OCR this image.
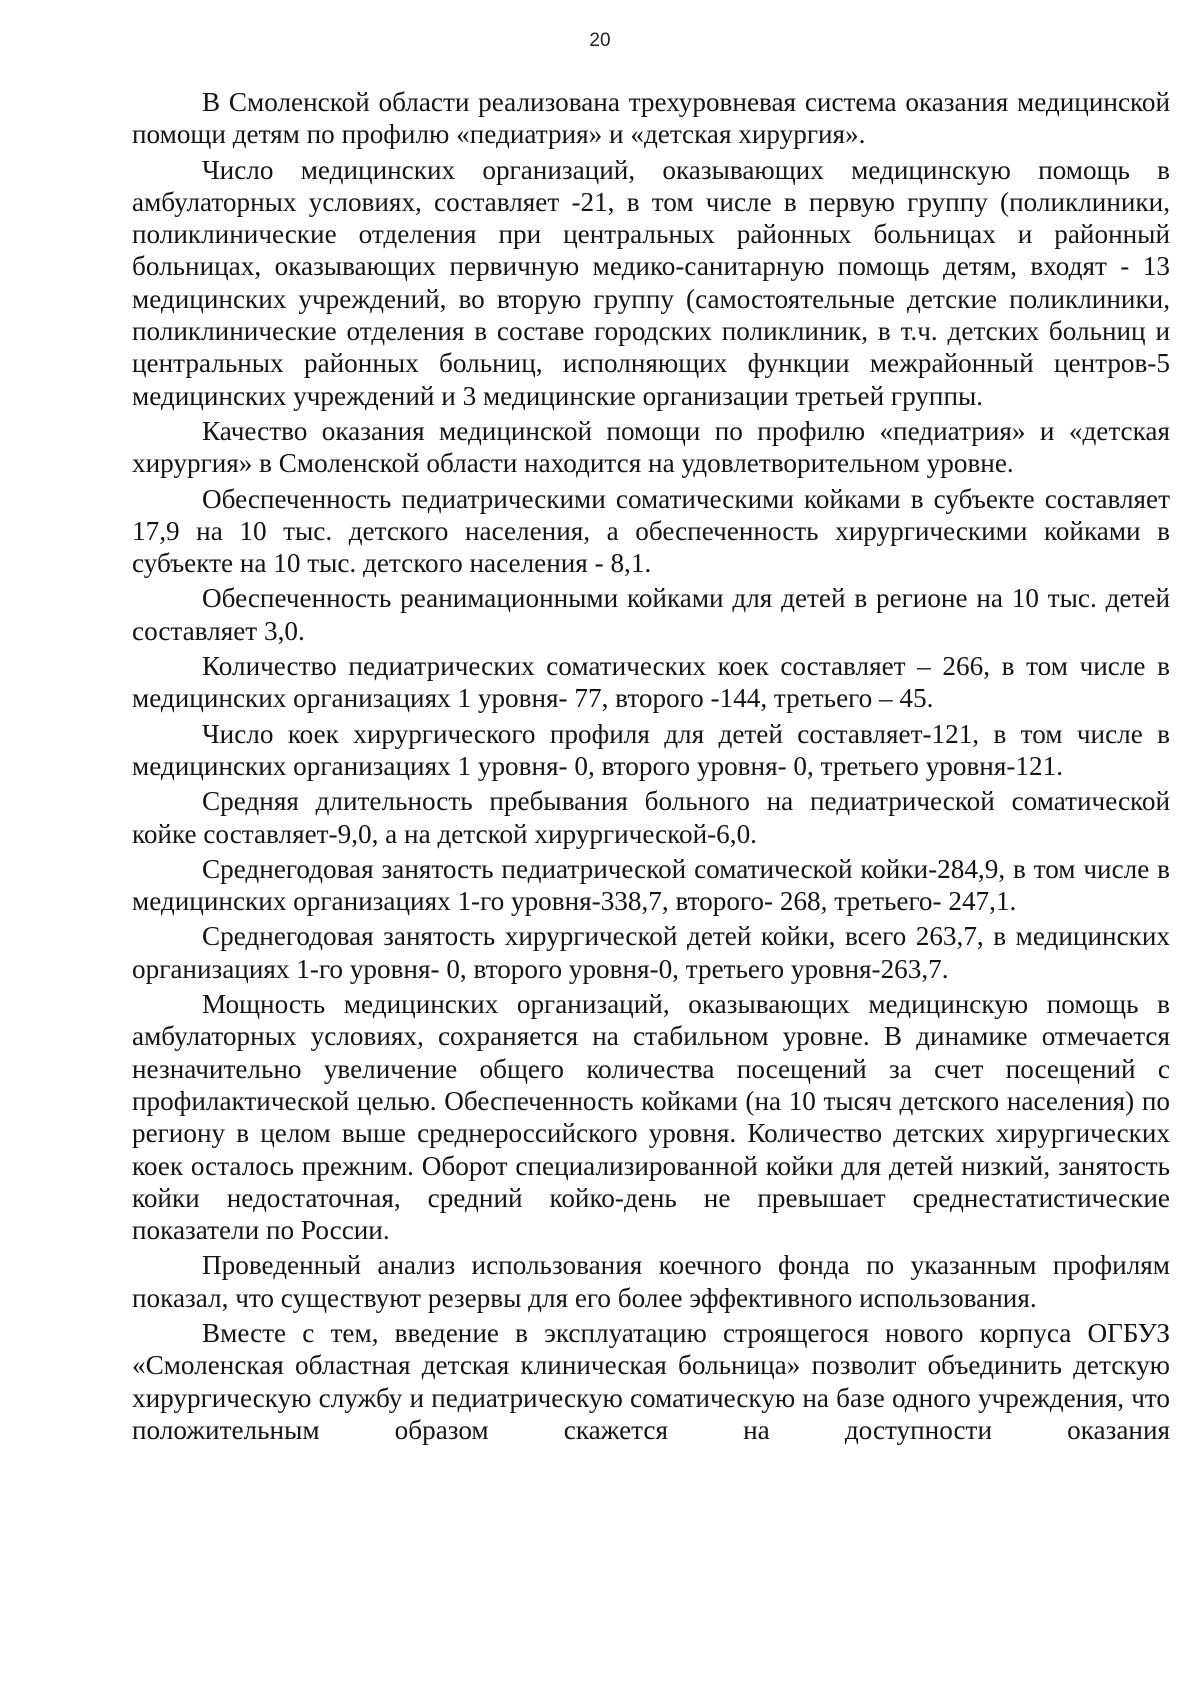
20

В Смоленской области реализована трехуровневая система оказания медицинской помощи детям по профилю «педиатрия» и «детская хирургия».

Число медицинских организаций, оказывающих медицинскую помощь в амбулаторных условиях, составляет -21, в том числе в первую группу (поликлиники, поликлинические отделения при центральных районных больницах и районный больницах, оказывающих первичную медико-санитарную помощь детям, входят - 13 медицинских учреждений, во вторую группу (самостоятельные детские поликлиники, поликлинические отделения в составе городских поликлиник, в т.ч. детских больниц и центральных районных больниц, исполняющих функции межрайонный центров-5 медицинских учреждений и 3 медицинские организации третьей группы.

Качество оказания медицинской помощи по профилю «педиатрия» и «детская хирургия» в Смоленской области находится на удовлетворительном уровне.

Обеспеченность педиатрическими соматическими койками в субъекте составляет 17,9 на 10 тыс. детского населения, а обеспеченность хирургическими койками в субъекте на 10 тыс. детского населения - 8,1.

Обеспеченность реанимационными койками для детей в регионе на 10 тыс. детей составляет 3,0.

Количество педиатрических соматических коек составляет – 266, в том числе в медицинских организациях 1 уровня- 77, второго -144, третьего – 45.

Число коек хирургического профиля для детей составляет-121, в том числе в медицинских организациях 1 уровня- 0, второго уровня- 0, третьего уровня-121.

Средняя длительность пребывания больного на педиатрической соматической койке составляет-9,0, а на детской хирургической-6,0.

Среднегодовая занятость педиатрической соматической койки-284,9, в том числе в медицинских организациях 1-го уровня-338,7, второго- 268, третьего- 247,1.

Среднегодовая занятость хирургической детей койки, всего 263,7, в медицинских организациях 1-го уровня- 0, второго уровня-0, третьего уровня-263,7.

Мощность медицинских организаций, оказывающих медицинскую помощь в амбулаторных условиях, сохраняется на стабильном уровне. В динамике отмечается незначительно увеличение общего количества посещений за счет посещений с профилактической целью. Обеспеченность койками (на 10 тысяч детского населения) по региону в целом выше среднероссийского уровня. Количество детских хирургических коек осталось прежним. Оборот специализированной койки для детей низкий, занятость койки недостаточная, средний койко-день не превышает среднестатистические показатели по России.

Проведенный анализ использования коечного фонда по указанным профилям показал, что существуют резервы для его более эффективного использования.

Вместе с тем, введение в эксплуатацию строящегося нового корпуса ОГБУЗ «Смоленская областная детская клиническая больница» позволит объединить детскую хирургическую службу и педиатрическую соматическую на базе одного учреждения, что положительным образом скажется на доступности оказания
